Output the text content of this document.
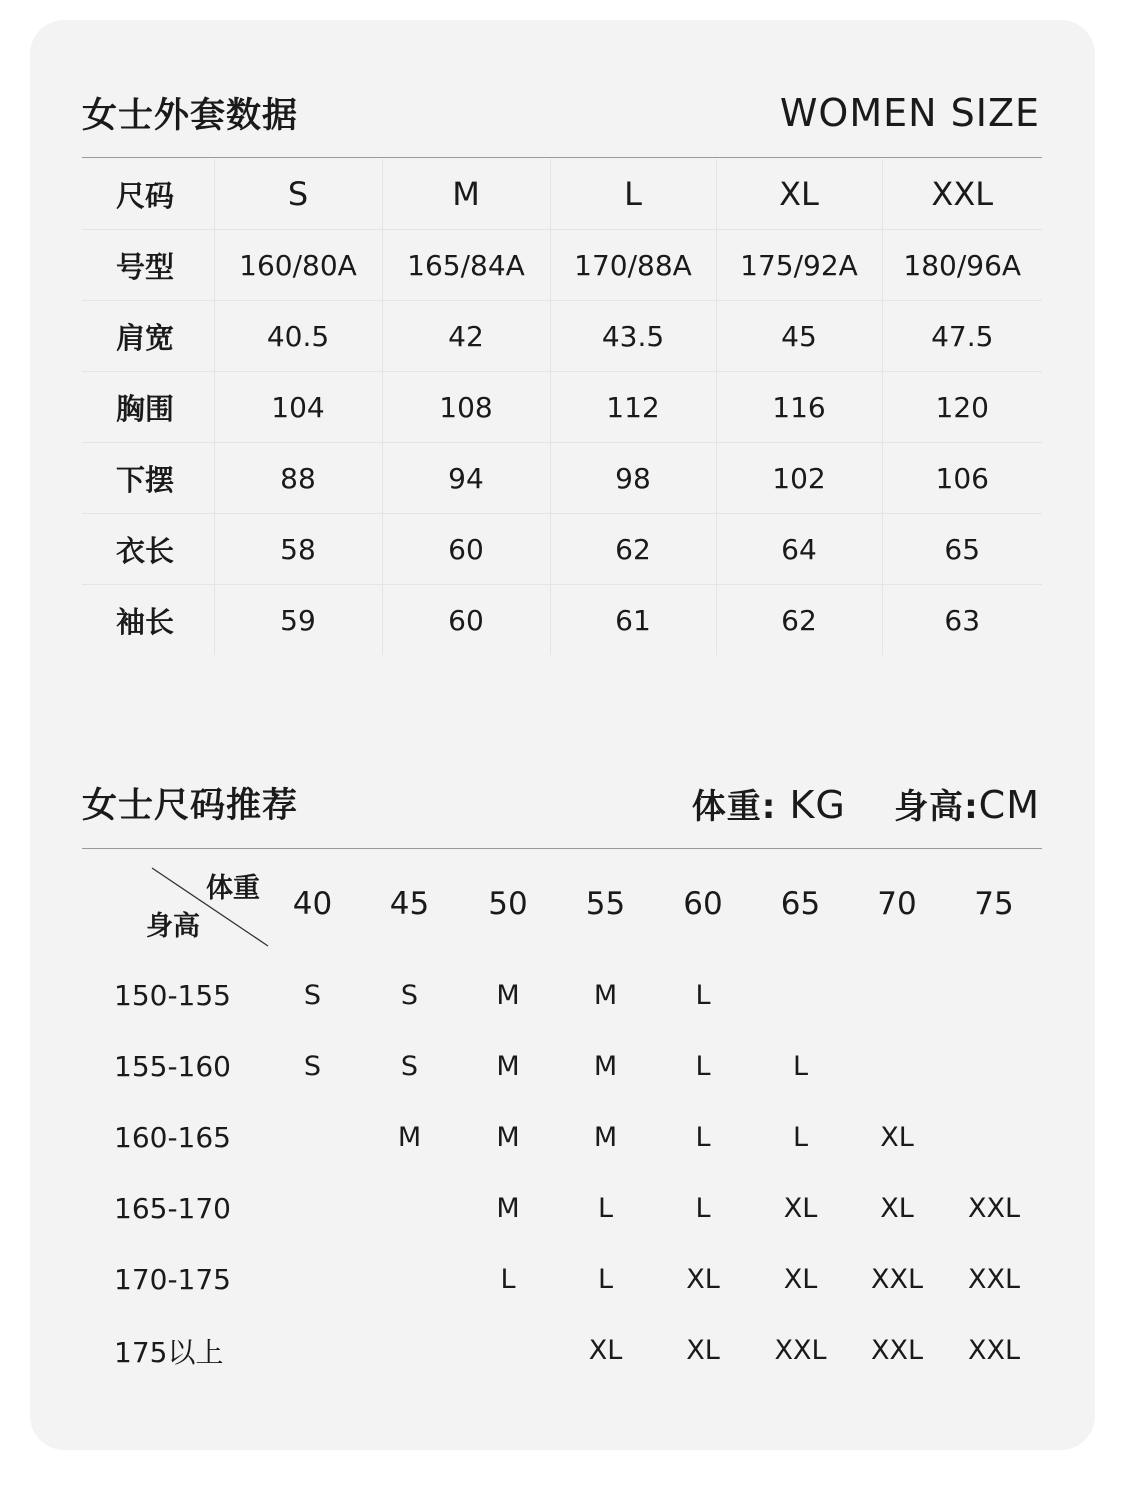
女士外套数据	WOMEN SIZE
尺码	S	M	L	XL	XXL
号型	160/80A	165/84A	170/88A	175/92A	180/96A
肩宽	40.5	42	43.5	45	47.5
胸围	104	108	112	116	120
下摆	88	94	98	102	106
衣长	58	60	62	64	65
袖长	59	60	61	62	63
女士尺码推荐	体重: KG 身高:CM
体重
身高	40	45	50	55	60	65	70	75
150-155	S	S	M	M	L			
155-160	S	S	M	M	L	L		
160-165		M	M	M	L	L	XL	
165-170			M	L	L	XL	XL	XXL
170-175			L	L	XL	XL	XXL	XXL
175以上				XL	XL	XXL	XXL	XXL
